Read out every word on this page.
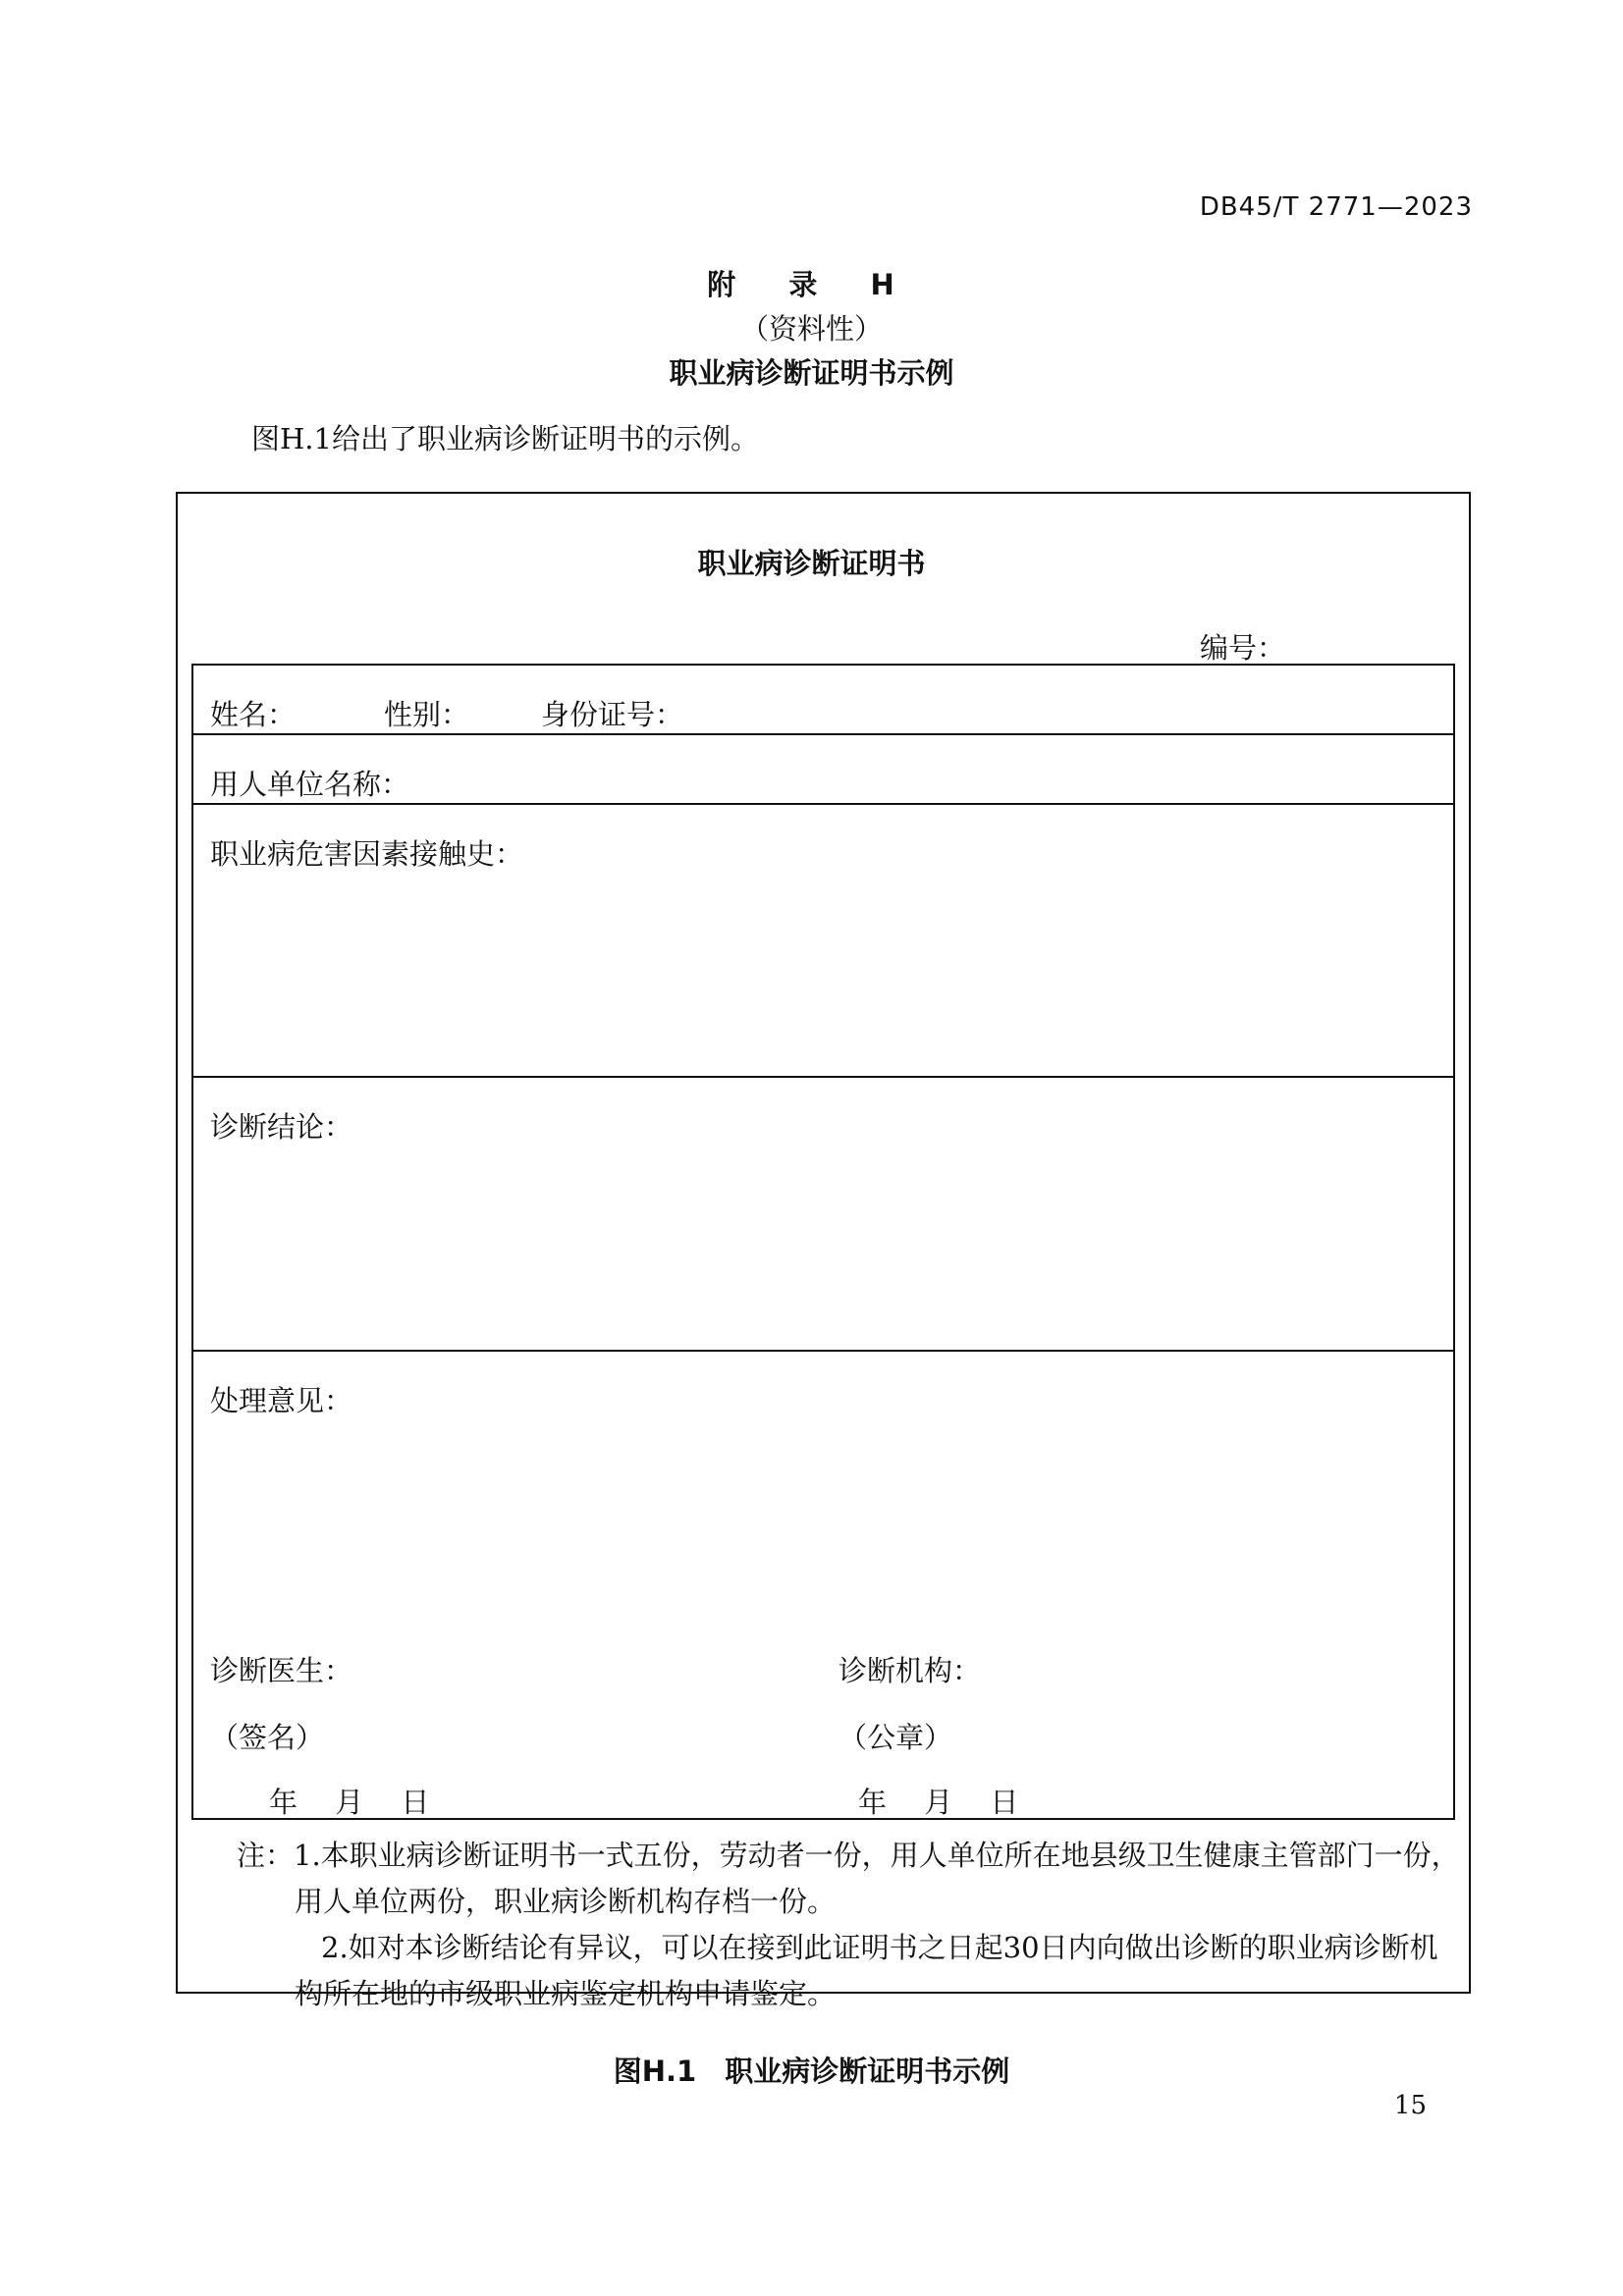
DB45/T 2771—2023
附 录 H
（资料性）
职业病诊断证明书示例
图H.1给出了职业病诊断证明书的示例。
职业病诊断证明书
编号：
姓名：	性别：	身份证号：
用人单位名称：
职业病危害因素接触史：
诊断结论：
处理意见：
诊断医生：	诊断机构：
（签名）	（公章）
年　 月　 日	年　 月　 日
注：1.本职业病诊断证明书一式五份，劳动者一份，用人单位所在地县级卫生健康主管部门一份，
用人单位两份，职业病诊断机构存档一份。
2.如对本诊断结论有异议，可以在接到此证明书之日起30日内向做出诊断的职业病诊断机
构所在地的市级职业病鉴定机构申请鉴定。
图H.1　职业病诊断证明书示例
15
